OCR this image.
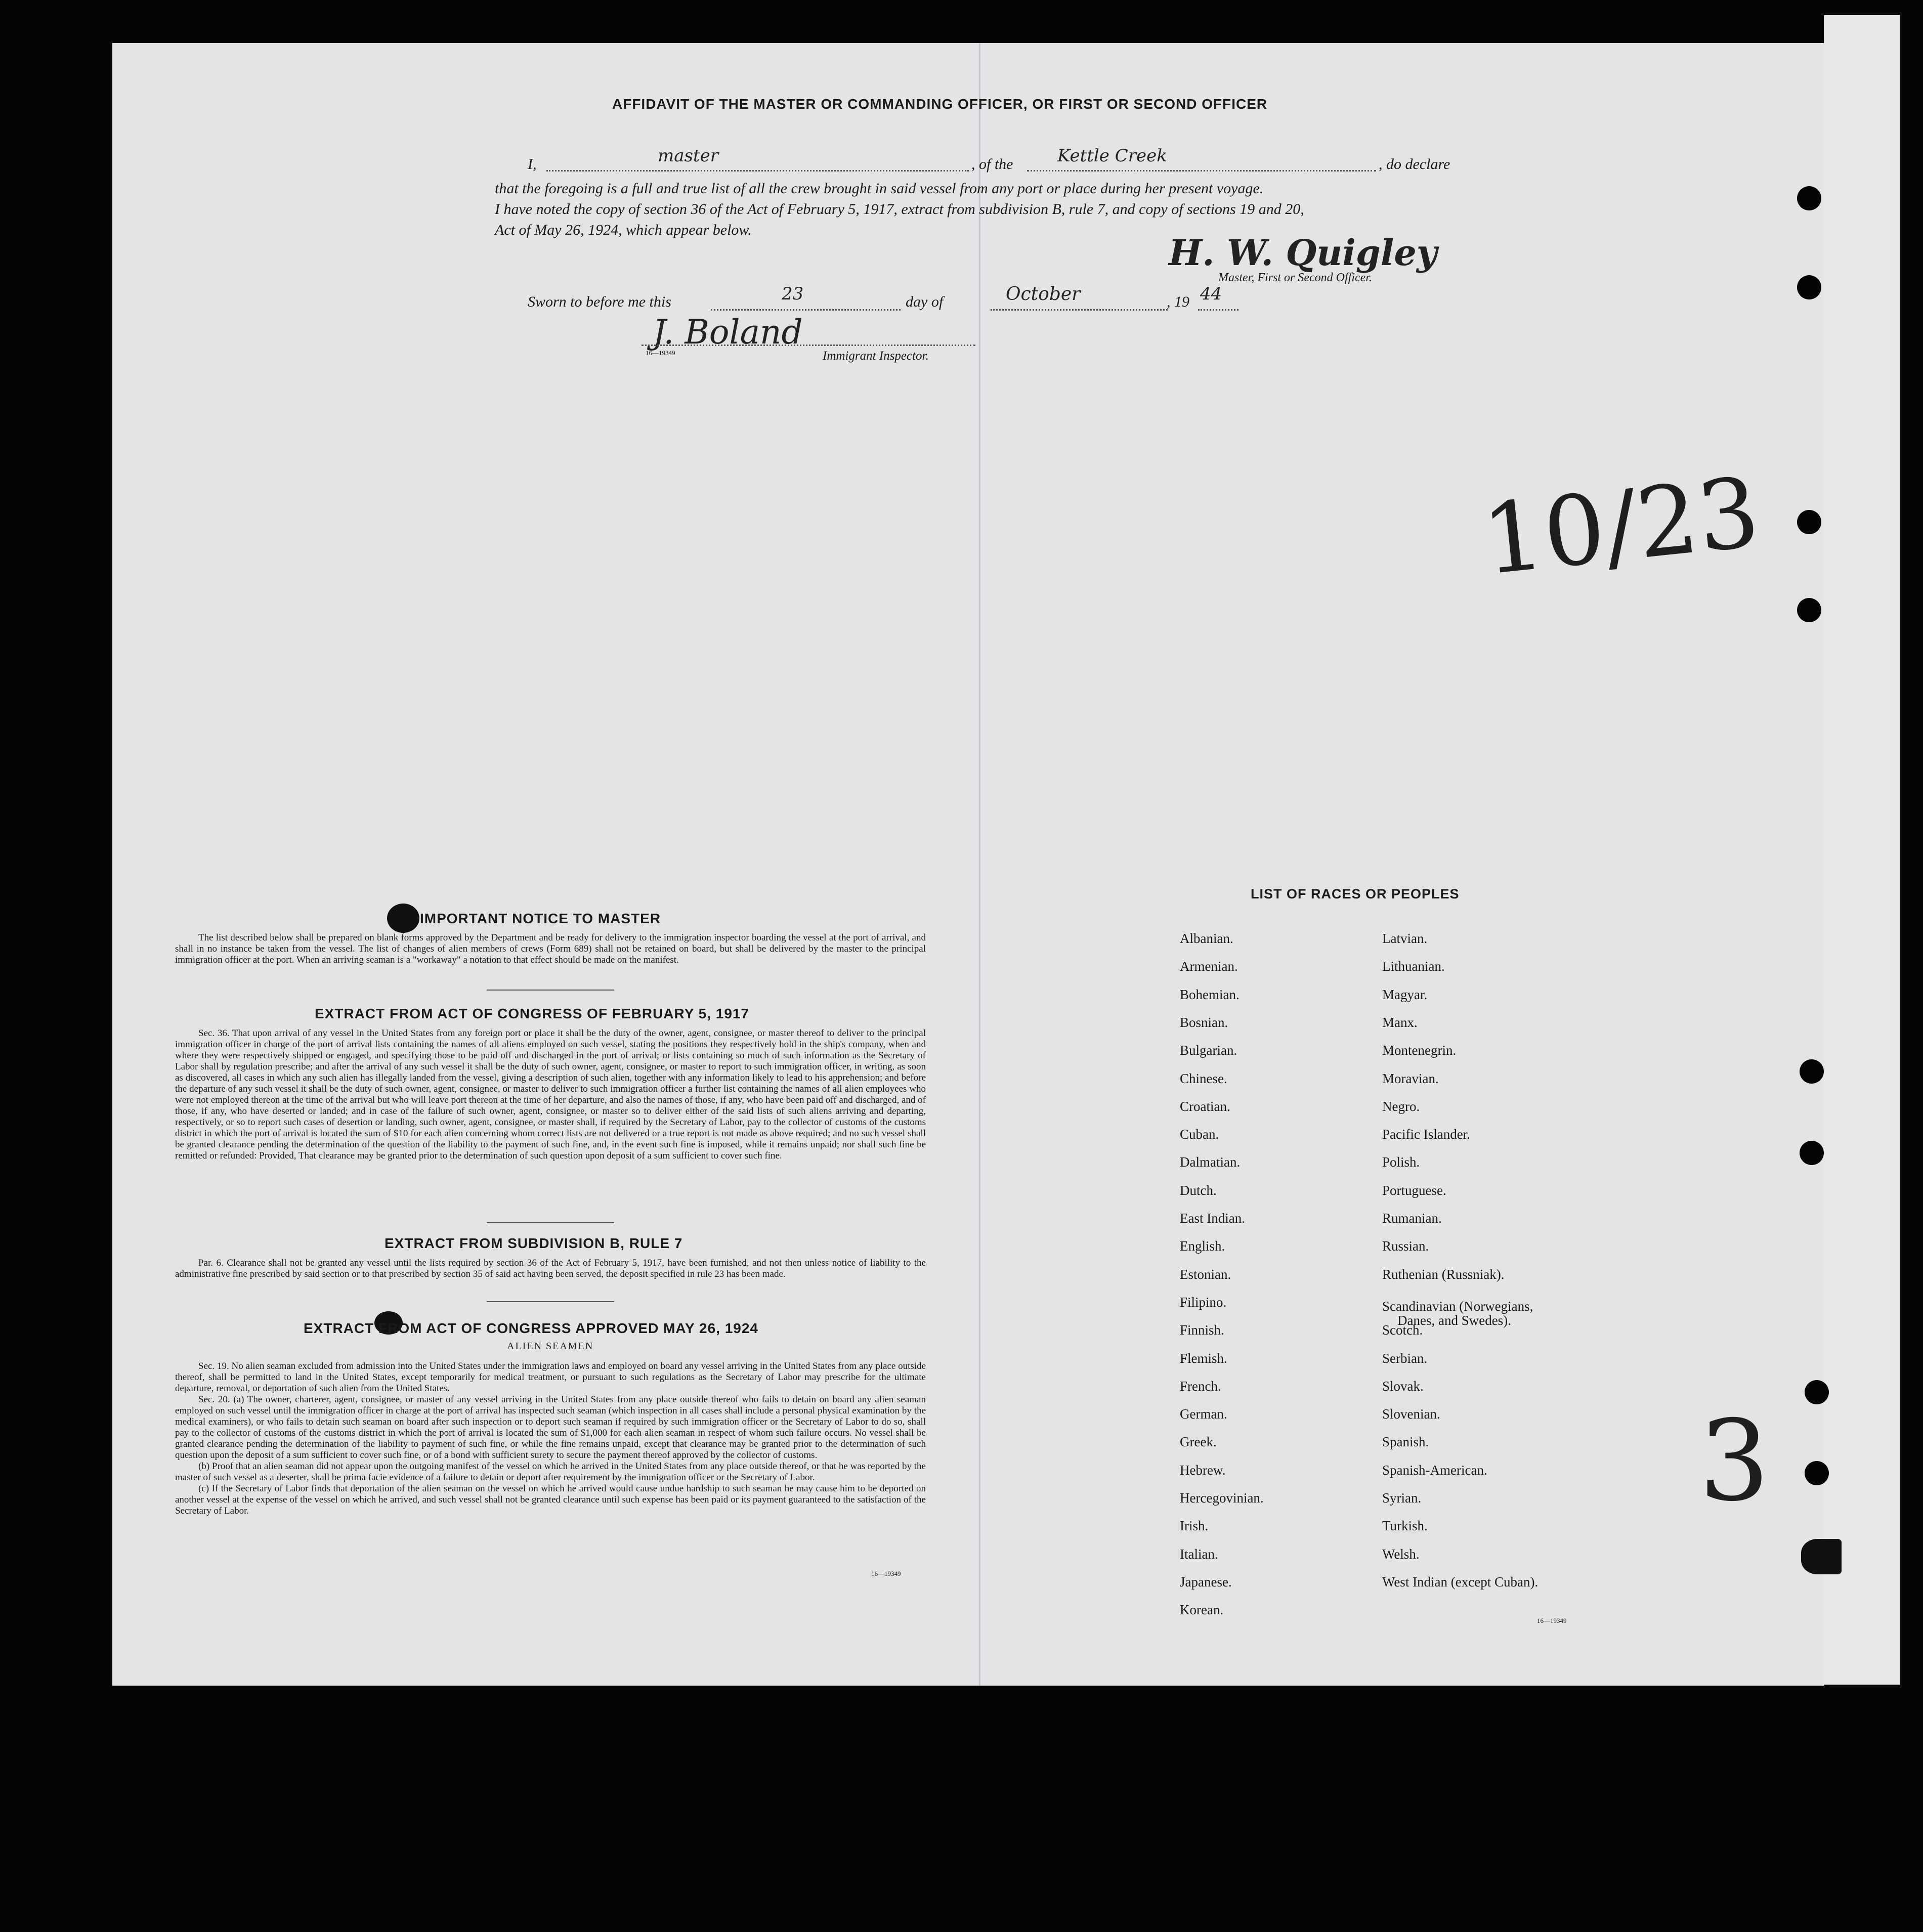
AFFIDAVIT OF THE MASTER OR COMMANDING OFFICER, OR FIRST OR SECOND OFFICER
I,	master	, of the	Kettle Creek	, do declare
that the foregoing is a full and true list of all the crew brought in said vessel from any port or place during her present voyage.
I have noted the copy of section 36 of the Act of February 5, 1917, extract from subdivision B, rule 7, and copy of sections 19 and 20,
Act of May 26, 1924, which appear below.
H. W. Quigley
Master, First or Second Officer.
Sworn to before me this	23	day of	October	, 19 44
J. Boland
16—19349	Immigrant Inspector.
10/23
3
IMPORTANT NOTICE TO MASTER
The list described below shall be prepared on blank forms approved by the Department and be ready for delivery to the immigration inspector boarding the vessel at the port of arrival, and shall in no instance be taken from the vessel. The list of changes of alien members of crews (Form 689) shall not be retained on board, but shall be delivered by the master to the principal immigration officer at the port. When an arriving seaman is a "workaway" a notation to that effect should be made on the manifest.
EXTRACT FROM ACT OF CONGRESS OF FEBRUARY 5, 1917
Sec. 36. That upon arrival of any vessel in the United States from any foreign port or place it shall be the duty of the owner, agent, consignee, or master thereof to deliver to the principal immigration officer in charge of the port of arrival lists containing the names of all aliens employed on such vessel, stating the positions they respectively hold in the ship's company, when and where they were respectively shipped or engaged, and specifying those to be paid off and discharged in the port of arrival; or lists containing so much of such information as the Secretary of Labor shall by regulation prescribe; and after the arrival of any such vessel it shall be the duty of such owner, agent, consignee, or master to report to such immigration officer, in writing, as soon as discovered, all cases in which any such alien has illegally landed from the vessel, giving a description of such alien, together with any information likely to lead to his apprehension; and before the departure of any such vessel it shall be the duty of such owner, agent, consignee, or master to deliver to such immigration officer a further list containing the names of all alien employees who were not employed thereon at the time of the arrival but who will leave port thereon at the time of her departure, and also the names of those, if any, who have been paid off and discharged, and of those, if any, who have deserted or landed; and in case of the failure of such owner, agent, consignee, or master so to deliver either of the said lists of such aliens arriving and departing, respectively, or so to report such cases of desertion or landing, such owner, agent, consignee, or master shall, if required by the Secretary of Labor, pay to the collector of customs of the customs district in which the port of arrival is located the sum of $10 for each alien concerning whom correct lists are not delivered or a true report is not made as above required; and no such vessel shall be granted clearance pending the determination of the question of the liability to the payment of such fine, and, in the event such fine is imposed, while it remains unpaid; nor shall such fine be remitted or refunded: Provided, That clearance may be granted prior to the determination of such question upon deposit of a sum sufficient to cover such fine.
EXTRACT FROM SUBDIVISION B, RULE 7
Par. 6. Clearance shall not be granted any vessel until the lists required by section 36 of the Act of February 5, 1917, have been furnished, and not then unless notice of liability to the administrative fine prescribed by said section or to that prescribed by section 35 of said act having been served, the deposit specified in rule 23 has been made.
EXTRACT FROM ACT OF CONGRESS APPROVED MAY 26, 1924
ALIEN SEAMEN
Sec. 19. No alien seaman excluded from admission into the United States under the immigration laws and employed on board any vessel arriving in the United States from any place outside thereof, shall be permitted to land in the United States, except temporarily for medical treatment, or pursuant to such regulations as the Secretary of Labor may prescribe for the ultimate departure, removal, or deportation of such alien from the United States.
Sec. 20. (a) The owner, charterer, agent, consignee, or master of any vessel arriving in the United States from any place outside thereof who fails to detain on board any alien seaman employed on such vessel until the immigration officer in charge at the port of arrival has inspected such seaman (which inspection in all cases shall include a personal physical examination by the medical examiners), or who fails to detain such seaman on board after such inspection or to deport such seaman if required by such immigration officer or the Secretary of Labor to do so, shall pay to the collector of customs of the customs district in which the port of arrival is located the sum of $1,000 for each alien seaman in respect of whom such failure occurs. No vessel shall be granted clearance pending the determination of the liability to payment of such fine, or while the fine remains unpaid, except that clearance may be granted prior to the determination of such question upon the deposit of a sum sufficient to cover such fine, or of a bond with sufficient surety to secure the payment thereof approved by the collector of customs.
(b) Proof that an alien seaman did not appear upon the outgoing manifest of the vessel on which he arrived in the United States from any place outside thereof, or that he was reported by the master of such vessel as a deserter, shall be prima facie evidence of a failure to detain or deport after requirement by the immigration officer or the Secretary of Labor.
(c) If the Secretary of Labor finds that deportation of the alien seaman on the vessel on which he arrived would cause undue hardship to such seaman he may cause him to be deported on another vessel at the expense of the vessel on which he arrived, and such vessel shall not be granted clearance until such expense has been paid or its payment guaranteed to the satisfaction of the Secretary of Labor.
16—19349
LIST OF RACES OR PEOPLES
Albanian.
Armenian.
Bohemian.
Bosnian.
Bulgarian.
Chinese.
Croatian.
Cuban.
Dalmatian.
Dutch.
East Indian.
English.
Estonian.
Filipino.
Finnish.
Flemish.
French.
German.
Greek.
Hebrew.
Hercegovinian.
Irish.
Italian.
Japanese.
Korean.
Latvian.
Lithuanian.
Magyar.
Manx.
Montenegrin.
Moravian.
Negro.
Pacific Islander.
Polish.
Portuguese.
Rumanian.
Russian.
Ruthenian (Russniak).
Scandinavian (Norwegians,
Danes, and Swedes).
Scotch.
Serbian.
Slovak.
Slovenian.
Spanish.
Spanish-American.
Syrian.
Turkish.
Welsh.
West Indian (except Cuban).
16—19349
